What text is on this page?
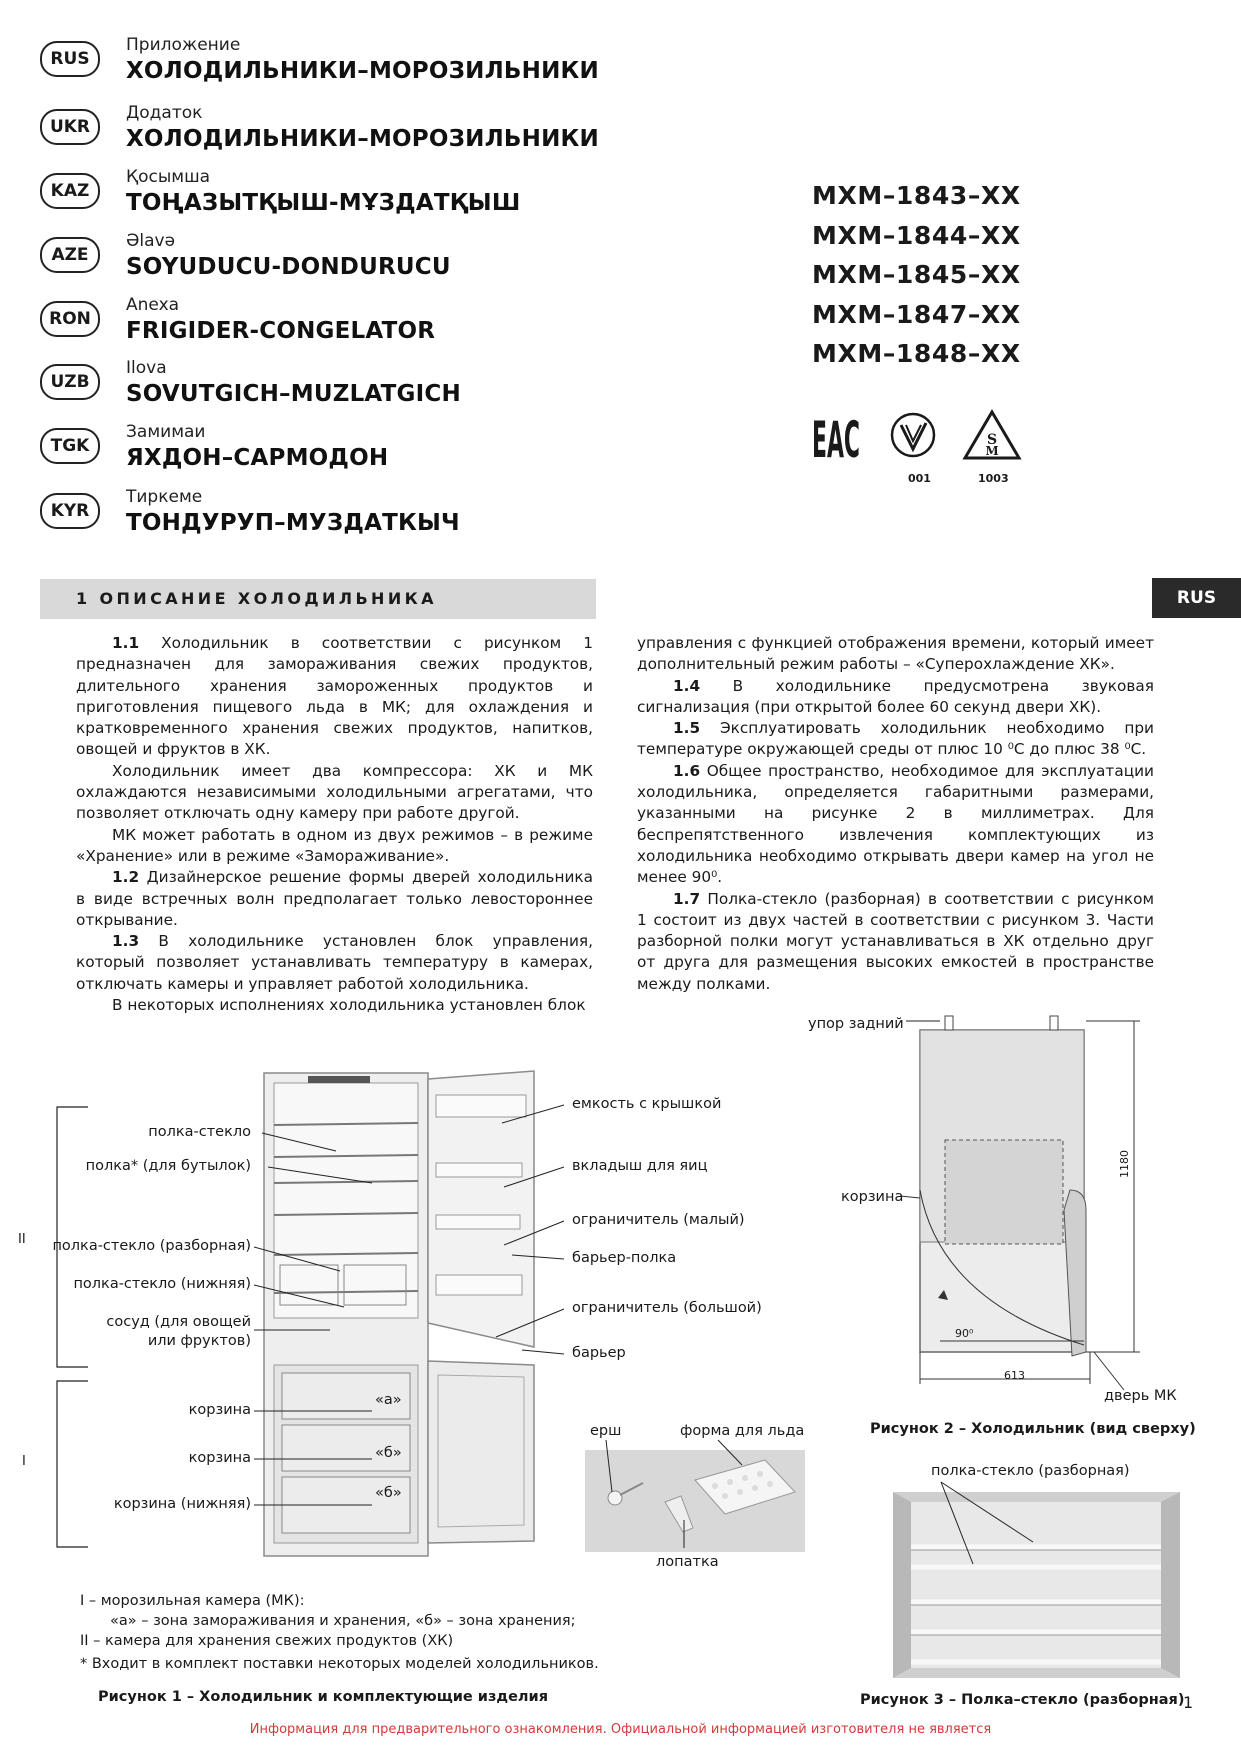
RUS
Приложение
ХОЛОДИЛЬНИКИ–МОРОЗИЛЬНИКИ
UKR
Додаток
ХОЛОДИЛЬНИКИ–МОРОЗИЛЬНИКИ
KAZ
Қосымша
ТОҢАЗЫТҚЫШ-МҰЗДАТҚЫШ
AZE
Əlavə
SOYUDUCU-DONDURUCU
RON
Anexa
FRIGIDER-CONGELATOR
UZB
Ilova
SOVUTGICH–MUZLATGICH
TGK
Замимаи
ЯХДОН–САРМОДОН
KYR
Тиркеме
ТОНДУРУП–МУЗДАТКЫЧ
МХМ–1843–ХХ
МХМ–1844–ХХ
МХМ–1845–ХХ
МХМ–1847–ХХ
МХМ–1848–ХХ
EAC	S
M
001	1003
1 ОПИСАНИЕ ХОЛОДИЛЬНИКА	RUS

1.1 Холодильник в соответствии с рисунком 1 предназначен для замораживания свежих продуктов, длительного хранения замороженных продуктов и приготовления пищевого льда в МК; для охлаждения и кратковременного хранения свежих продуктов, напитков, овощей и фруктов в ХК.

Холодильник имеет два компрессора: ХК и МК охлаждаются независимыми холодильными агрегатами, что позволяет отключать одну камеру при работе другой.

МК может работать в одном из двух режимов – в режиме «Хранение» или в режиме «Замораживание».

1.2 Дизайнерское решение формы дверей холодильника в виде встречных волн предполагает только левостороннее открывание.

1.3 В холодильнике установлен блок управления, который позволяет устанавливать температуру в камерах, отключать камеры и управляет работой холодильника.

В некоторых исполнениях холодильника установлен блок

управления с функцией отображения времени, который имеет дополнительный режим работы – «Суперохлаждение ХК».

1.4 В холодильнике предусмотрена звуковая сигнализация (при открытой более 60 секунд двери ХК).

1.5 Эксплуатировать холодильник необходимо при температуре окружающей среды от плюс 10 ⁰С до плюс 38 ⁰С.

1.6 Общее пространство, необходимое для эксплуатации холодильника, определяется габаритными размерами, указанными на рисунке 2 в миллиметрах. Для беспрепятственного извлечения комплектующих из холодильника необходимо открывать двери камер на угол не менее 90⁰.

1.7 Полка-стекло (разборная) в соответствии с рисунком 1 состоит из двух частей в соответствии с рисунком 3. Части разборной полки могут устанавливаться в ХК отдельно друг от друга для размещения высоких емкостей в пространстве между полками.

«а»
«б»
«б»
II
I
полка-стекло
полка* (для бутылок)
полка-стекло (разборная)
полка-стекло (нижняя)
сосуд (для овощей
или фруктов)
корзина
корзина
корзина (нижняя)
емкость с крышкой
вкладыш для яиц
ограничитель (малый)
барьер-полка
ограничитель (большой)
барьер
ерш	форма для льда
лопатка
I – морозильная камера (МК):
«а» – зона замораживания и хранения, «б» – зона хранения;
II – камера для хранения свежих продуктов (ХК)
* Входит в комплект поставки некоторых моделей холодильников.
Рисунок 1 – Холодильник и комплектующие изделия
упор задний
корзина
дверь МК
1180
90⁰
613
Рисунок 2 – Холодильник (вид сверху)
полка-стекло (разборная)
Рисунок 3 – Полка–стекло (разборная)
1
Информация для предварительного ознакомления. Официальной информацией изготовителя не является
